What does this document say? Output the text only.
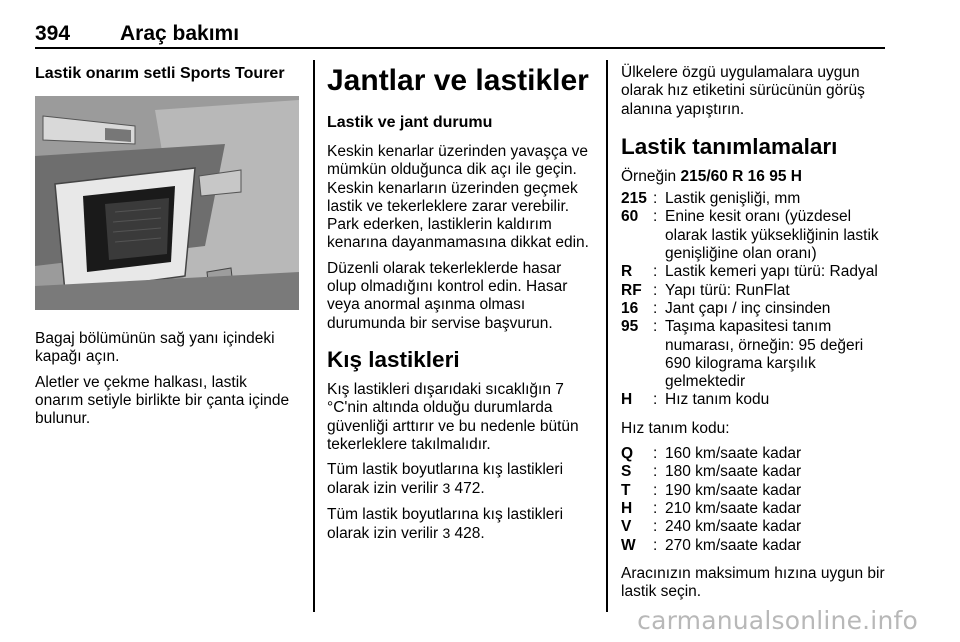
394 Araç bakımı

Lastik onarım setli Sports Tourer

Bagaj bölümünün sağ yanı içindeki kapağı açın.

Aletler ve çekme halkası, lastik onarım setiyle birlikte bir çanta içinde bulunur.

Jantlar ve lastikler

Lastik ve jant durumu

Keskin kenarlar üzerinden yavaşça ve mümkün olduğunca dik açı ile geçin. Keskin kenarların üzerinden geçmek lastik ve tekerleklere zarar verebilir. Park ederken, lastiklerin kaldırım kenarına dayanmamasına dikkat edin.

Düzenli olarak tekerleklerde hasar olup olmadığını kontrol edin. Hasar veya anormal aşınma olması durumunda bir servise başvurun.

Kış lastikleri

Kış lastikleri dışarıdaki sıcaklığın 7 °C'nin altında olduğu durumlarda güvenliği arttırır ve bu nedenle bütün tekerleklere takılmalıdır.

Tüm lastik boyutlarına kış lastikleri olarak izin verilir 3 472.

Tüm lastik boyutlarına kış lastikleri olarak izin verilir 3 428.

Ülkelere özgü uygulamalara uygun olarak hız etiketini sürücünün görüş alanına yapıştırın.

Lastik tanımlamaları

Örneğin 215/60 R 16 95 H

215 : Lastik genişliği, mm
60 : Enine kesit oranı (yüzdesel olarak lastik yüksekliğinin lastik genişliğine olan oranı)
R	: Lastik kemeri yapı türü: Radyal
RF : Yapı türü: RunFlat
16 : Jant çapı / inç cinsinden
95 : Taşıma kapasitesi tanım numarası, örneğin: 95 değeri 690 kilograma karşılık gelmektedir
H	: Hız tanım kodu

Hız tanım kodu:

Q	: 160 km/saate kadar
S	: 180 km/saate kadar
T	: 190 km/saate kadar
H	: 210 km/saate kadar
V	: 240 km/saate kadar
W	: 270 km/saate kadar

Aracınızın maksimum hızına uygun bir lastik seçin.

carmanualsonline.info
